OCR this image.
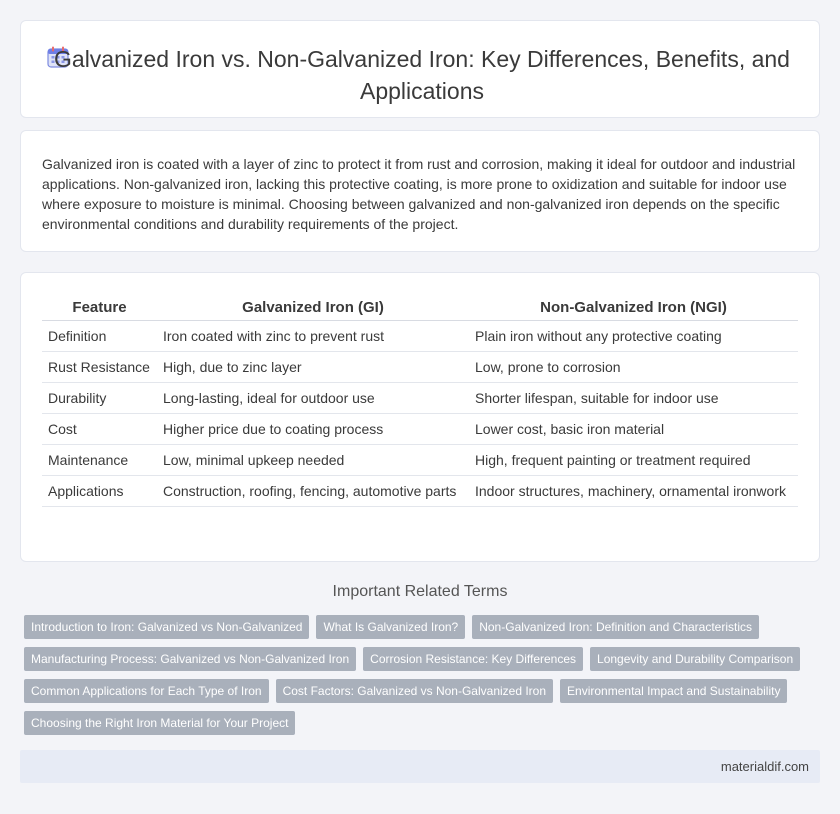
Galvanized Iron vs. Non-Galvanized Iron: Key Differences, Benefits, and Applications

Galvanized iron is coated with a layer of zinc to protect it from rust and corrosion, making it ideal for outdoor and industrial applications. Non-galvanized iron, lacking this protective coating, is more prone to oxidization and suitable for indoor use where exposure to moisture is minimal. Choosing between galvanized and non-galvanized iron depends on the specific environmental conditions and durability requirements of the project.

Feature	Galvanized Iron (GI)	Non-Galvanized Iron (NGI)
Definition	Iron coated with zinc to prevent rust	Plain iron without any protective coating
Rust Resistance	High, due to zinc layer	Low, prone to corrosion
Durability	Long-lasting, ideal for outdoor use	Shorter lifespan, suitable for indoor use
Cost	Higher price due to coating process	Lower cost, basic iron material
Maintenance	Low, minimal upkeep needed	High, frequent painting or treatment required
Applications	Construction, roofing, fencing, automotive parts	Indoor structures, machinery, ornamental ironwork
Important Related Terms
Introduction to Iron: Galvanized vs Non-Galvanized	What Is Galvanized Iron?	Non-Galvanized Iron: Definition and Characteristics
Manufacturing Process: Galvanized vs Non-Galvanized Iron	Corrosion Resistance: Key Differences	Longevity and Durability Comparison
Common Applications for Each Type of Iron	Cost Factors: Galvanized vs Non-Galvanized Iron	Environmental Impact and Sustainability
Choosing the Right Iron Material for Your Project
materialdif.com
